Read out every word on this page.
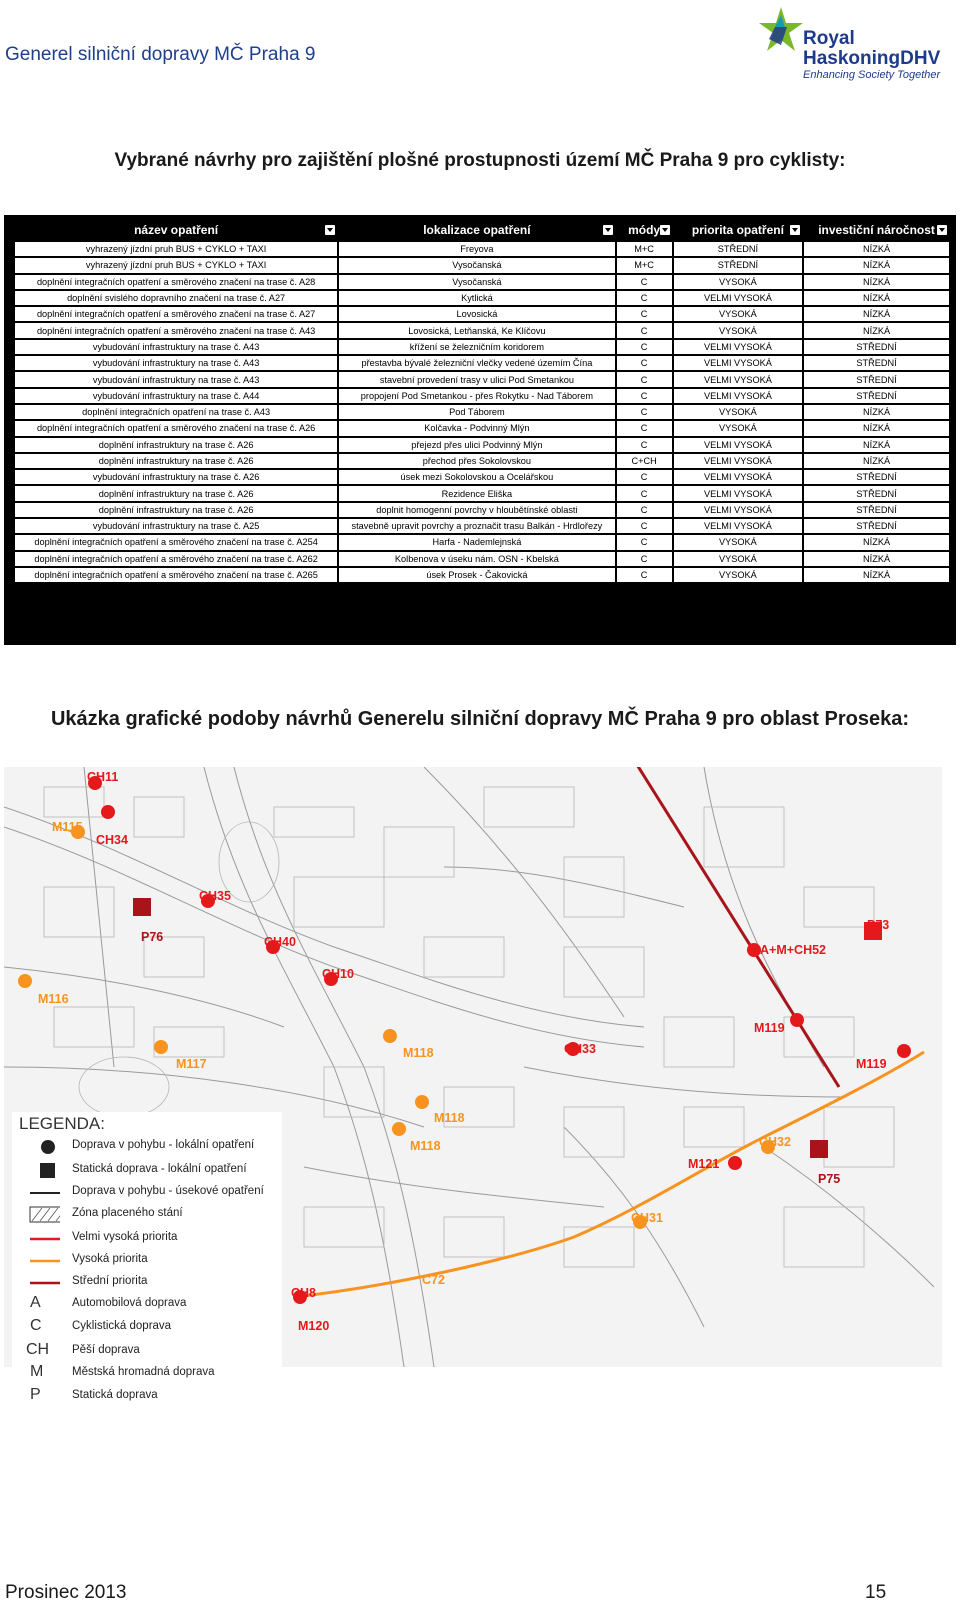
Generel silniční dopravy MČ Praha 9
Royal
HaskoningDHV
Enhancing Society Together
Vybrané návrhy pro zajištění plošné prostupnosti území MČ Praha 9 pro cyklisty:
název opatření	lokalizace opatření	módy	priorita opatření	investiční náročnost

vyhrazený jízdní pruh BUS + CYKLO + TAXI	Freyova	M+C	STŘEDNÍ	NÍZKÁ
vyhrazený jízdní pruh BUS + CYKLO + TAXI	Vysočanská	M+C	STŘEDNÍ	NÍZKÁ
doplnění integračních opatření a směrového značení na trase č. A28	Vysočanská	C	VYSOKÁ	NÍZKÁ
doplnění svislého dopravního značení na trase č. A27	Kytlická	C	VELMI VYSOKÁ	NÍZKÁ
doplnění integračních opatření a směrového značení na trase č. A27	Lovosická	C	VYSOKÁ	NÍZKÁ
doplnění integračních opatření a směrového značení na trase č. A43	Lovosická, Letňanská, Ke Klíčovu	C	VYSOKÁ	NÍZKÁ
vybudování infrastruktury na trase č. A43	křížení se železničním koridorem	C	VELMI VYSOKÁ	STŘEDNÍ
vybudování infrastruktury na trase č. A43	přestavba bývalé železniční vlečky vedené územím Čína	C	VELMI VYSOKÁ	STŘEDNÍ
vybudování infrastruktury na trase č. A43	stavební provedení trasy v ulici Pod Smetankou	C	VELMI VYSOKÁ	STŘEDNÍ
vybudování infrastruktury na trase č. A44	propojení Pod Smetankou - přes Rokytku - Nad Táborem	C	VELMI VYSOKÁ	STŘEDNÍ
doplnění integračních opatření na trase č. A43	Pod Táborem	C	VYSOKÁ	NÍZKÁ
doplnění integračních opatření a směrového značení na trase č. A26	Kolčavka - Podvinný Mlýn	C	VYSOKÁ	NÍZKÁ
doplnění infrastruktury na trase č. A26	přejezd přes ulici Podvinný Mlýn	C	VELMI VYSOKÁ	NÍZKÁ
doplnění infrastruktury na trase č. A26	přechod přes Sokolovskou	C+CH	VELMI VYSOKÁ	NÍZKÁ
vybudování infrastruktury na trase č. A26	úsek mezi Sokolovskou a Ocelářskou	C	VELMI VYSOKÁ	STŘEDNÍ
doplnění infrastruktury na trase č. A26	Rezidence Eliška	C	VELMI VYSOKÁ	STŘEDNÍ
doplnění infrastruktury na trase č. A26	doplnit homogenní povrchy v hloubětínské oblasti	C	VELMI VYSOKÁ	STŘEDNÍ
vybudování infrastruktury na trase č. A25	stavebně upravit povrchy a proznačit trasu Balkán - Hrdlořezy	C	VELMI VYSOKÁ	STŘEDNÍ
doplnění integračních opatření a směrového značení na trase č. A254	Harfa - Nademlejnská	C	VYSOKÁ	NÍZKÁ
doplnění integračních opatření a směrového značení na trase č. A262	Kolbenova v úseku nám. OSN - Kbelská	C	VYSOKÁ	NÍZKÁ
doplnění integračních opatření a směrového značení na trase č. A265	úsek Prosek - Čakovická	C	VYSOKÁ	NÍZKÁ
Ukázka grafické podoby návrhů Generelu silniční dopravy MČ Praha 9 pro oblast Proseka:
CH11
M115
CH34
CH35
P76	CH40
CH10
M116
M117
M118	CH33
M118
M118
A+M+CH52
P73
M119
M119
M121
CH32
P75
CH31
C72
CH8
M120
LEGENDA:
Doprava v pohybu - lokální opatření
Statická doprava - lokální opatření
Doprava v pohybu - úsekové opatření
Zóna placeného stání
Velmi vysoká priorita
Vysoká priorita
Střední priorita
A	Automobilová doprava
C	Cyklistická doprava
CH Pěší doprava
M Městská hromadná doprava
P	Statická doprava
Prosinec 2013	15
